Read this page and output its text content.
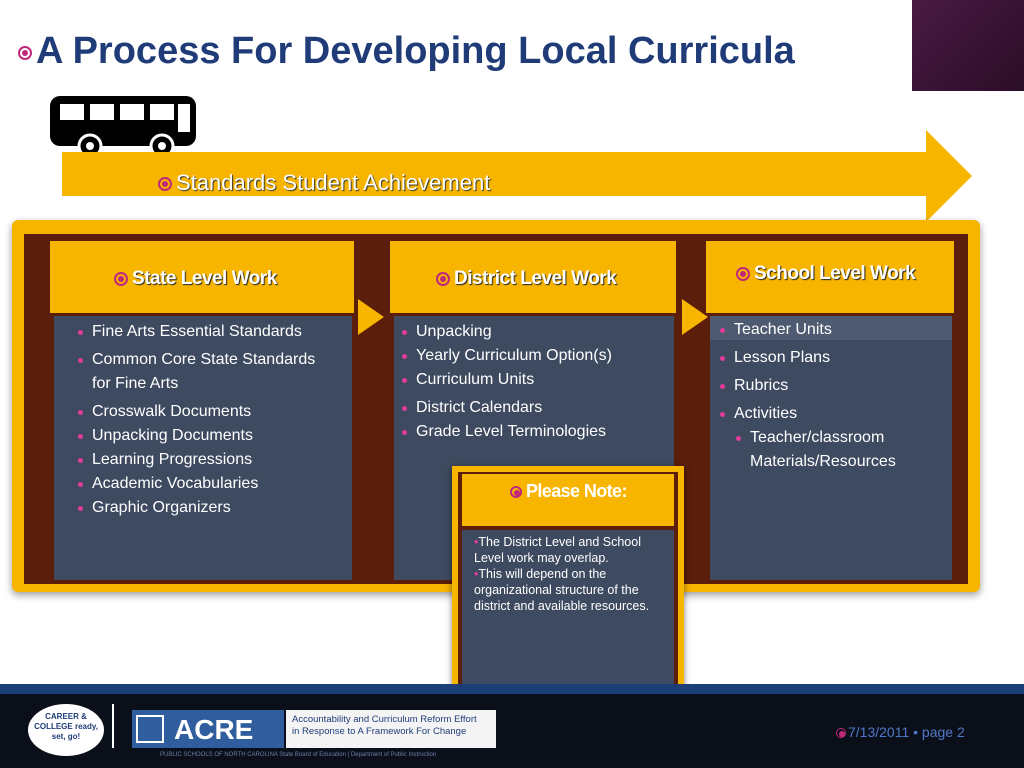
A Process For Developing Local Curricula
Standards Student Achievement
State Level Work
Fine Arts Essential Standards
Common Core State Standards for Fine Arts
Crosswalk Documents
Unpacking Documents
Learning Progressions
Academic Vocabularies
Graphic Organizers
District Level Work
Unpacking
Yearly Curriculum Option(s)
Curriculum Units
District Calendars
Grade Level Terminologies
School Level Work
Teacher Units
Lesson Plans
Rubrics
Activities
Teacher/classroom Materials/Resources
Please Note:
•The District Level and School Level work may overlap.
•This will depend on the organizational structure of the district and available resources.
CAREER & COLLEGE ready, set, go!	ACRE	Accountability and Curriculum Reform Effort
in Response to A Framework For Change
PUBLIC SCHOOLS OF NORTH CAROLINA State Board of Education | Department of Public Instruction
7/13/2011 • page 2
